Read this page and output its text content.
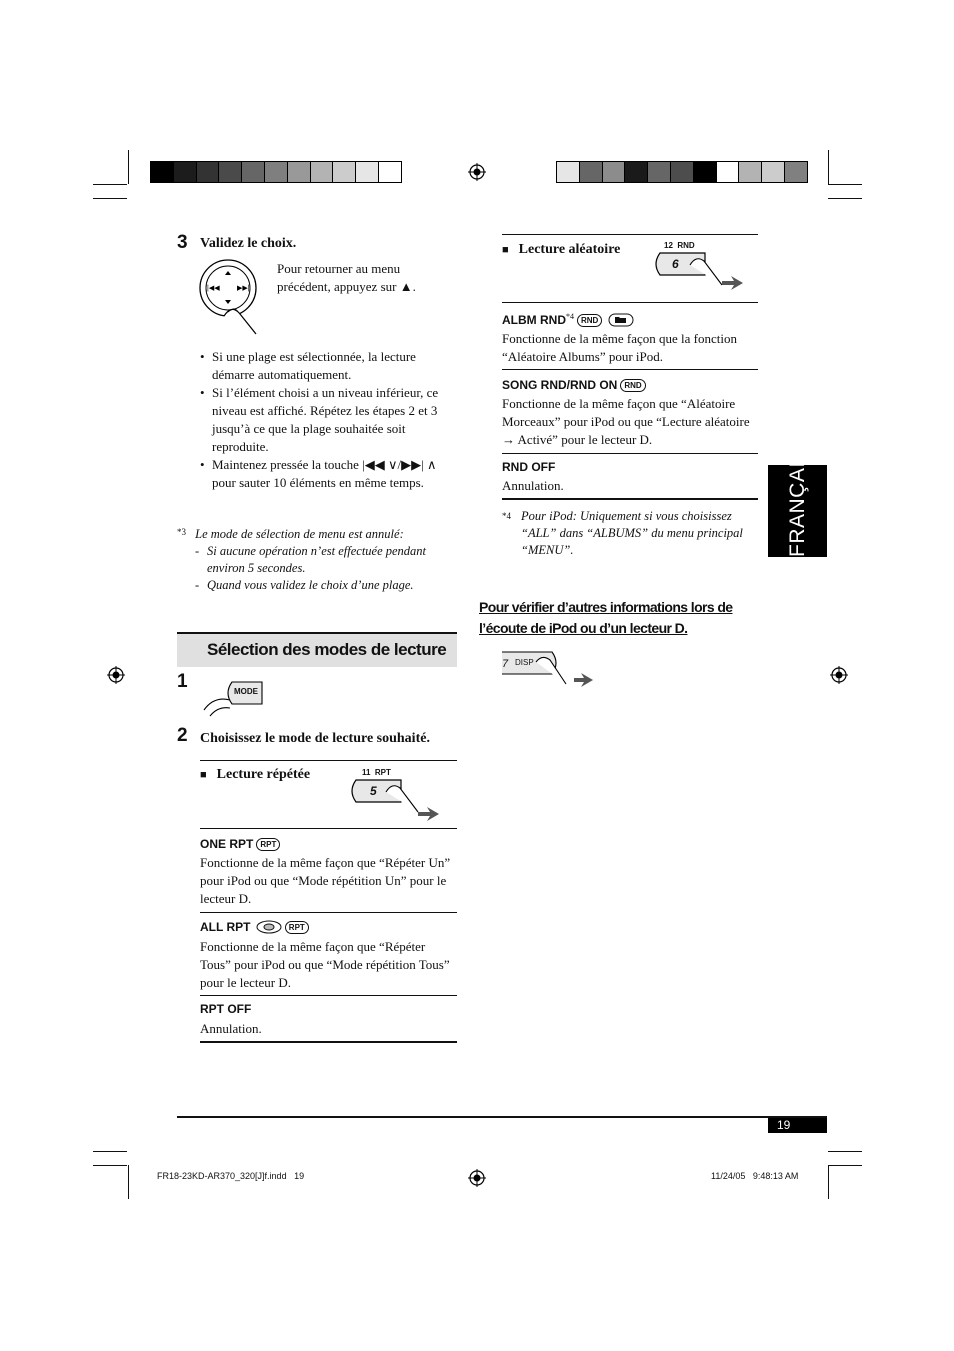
3 Validez le choix.
|◀◀ ▶▶|
Pour retourner au menu précédent, appuyez sur ▲.
• Si une plage est sélectionnée, la lecture démarre automatiquement.
• Si l’élément choisi a un niveau inférieur, ce niveau est affiché. Répétez les étapes 2 et 3 jusqu’à ce que la plage souhaitée soit reproduite.
• Maintenez pressée la touche |◀◀ ∨/▶▶| ∧ pour sauter 10 éléments en même temps.
$^{*3}$ Le mode de sélection de menu est annulé:
- Si aucune opération n’est effectuée pendant environ 5 secondes.
- Quand vous validez le choix d’une plage.
Sélection des modes de lecture
1	MODE
2 Choisissez le mode de lecture souhaité.
■ Lecture répétée	11  RPT
5
ONE RPT RPT
Fonctionne de la même façon que “Répéter Un” pour iPod ou que “Mode répétition Un” pour le lecteur D.
ALL RPT	RPT
Fonctionne de la même façon que “Répéter Tous” pour iPod ou que “Mode répétition Tous” pour le lecteur D.
RPT OFF
Annulation.
■ Lecture aléatoire	12  RND
6
ALBM RND$^{*4}$ RND
Fonctionne de la même façon que la fonction “Aléatoire Albums” pour iPod.
SONG RND/RND ON RND
Fonctionne de la même façon que “Aléatoire Morceaux” pour iPod ou que “Lecture aléatoire → Activé” pour le lecteur D.
RND OFF
Annulation.
*4 Pour iPod: Uniquement si vous choisissez “ALL” dans “ALBUMS” du menu principal “MENU”.
Pour vérifier d’autres informations lors de
l’écoute de iPod ou d’un lecteur D.
7 DISP
FRANÇAIS
19
FR18-23KD-AR370_320[J]f.indd   19	11/24/05   9:48:13 AM
